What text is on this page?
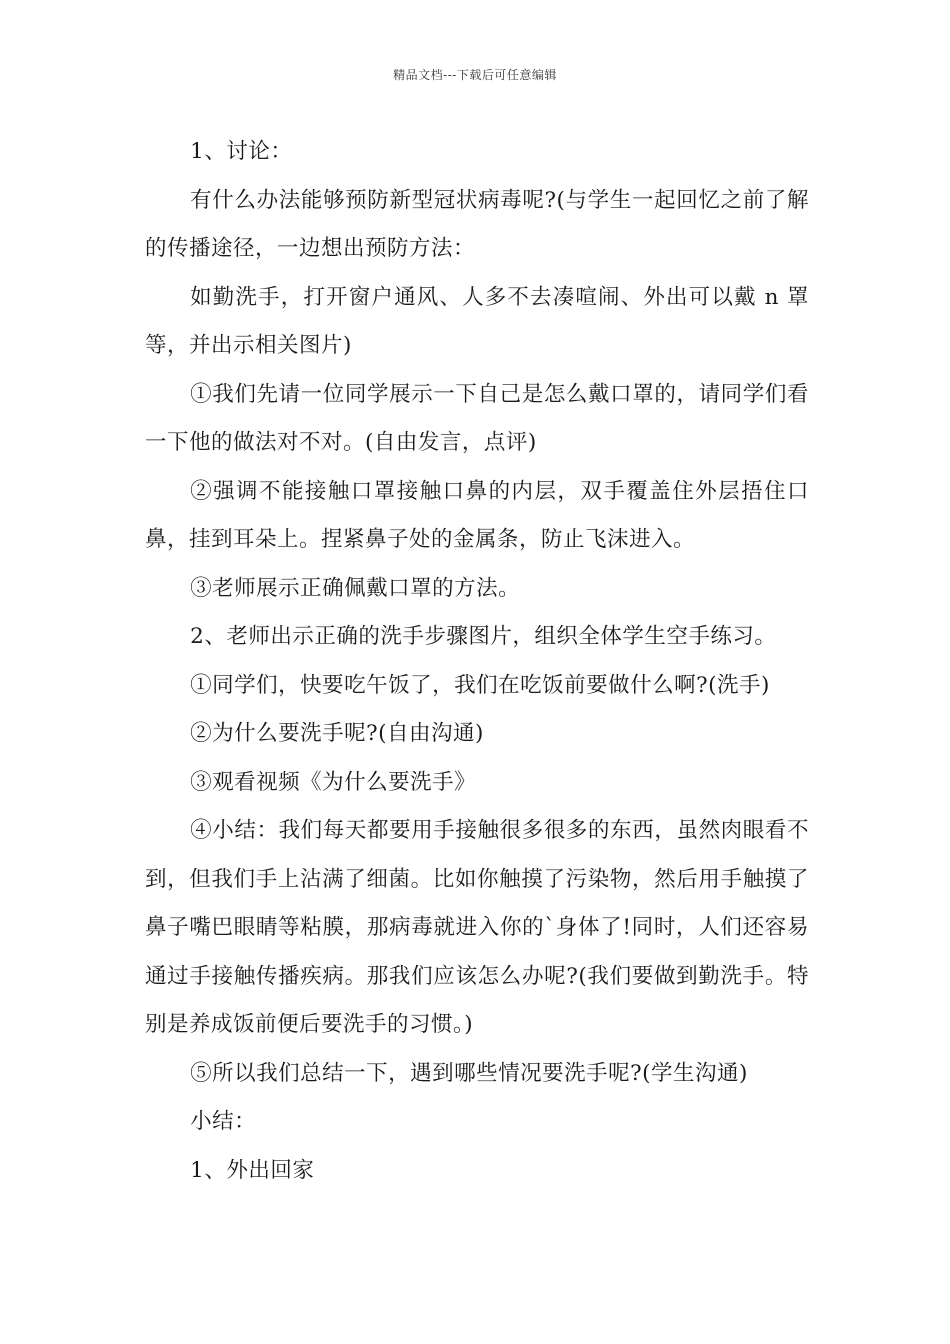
精品文档---下载后可任意编辑

1、讨论：

有什么办法能够预防新型冠状病毒呢?(与学生一起回忆之前了解的传播途径，一边想出预防方法：

如勤洗手，打开窗户通风、人多不去凑喧闹、外出可以戴 n 罩等，并出示相关图片)

①我们先请一位同学展示一下自己是怎么戴口罩的，请同学们看一下他的做法对不对。(自由发言，点评)

②强调不能接触口罩接触口鼻的内层，双手覆盖住外层捂住口鼻，挂到耳朵上。捏紧鼻子处的金属条，防止飞沫进入。

③老师展示正确佩戴口罩的方法。

2、老师出示正确的洗手步骤图片，组织全体学生空手练习。

①同学们，快要吃午饭了，我们在吃饭前要做什么啊?(洗手)

②为什么要洗手呢?(自由沟通)

③观看视频《为什么要洗手》

④小结：我们每天都要用手接触很多很多的东西，虽然肉眼看不到，但我们手上沾满了细菌。比如你触摸了污染物，然后用手触摸了鼻子嘴巴眼睛等粘膜，那病毒就进入你的`身体了!同时，人们还容易通过手接触传播疾病。那我们应该怎么办呢?(我们要做到勤洗手。特别是养成饭前便后要洗手的习惯。)

⑤所以我们总结一下，遇到哪些情况要洗手呢?(学生沟通)

小结：

1、外出回家
